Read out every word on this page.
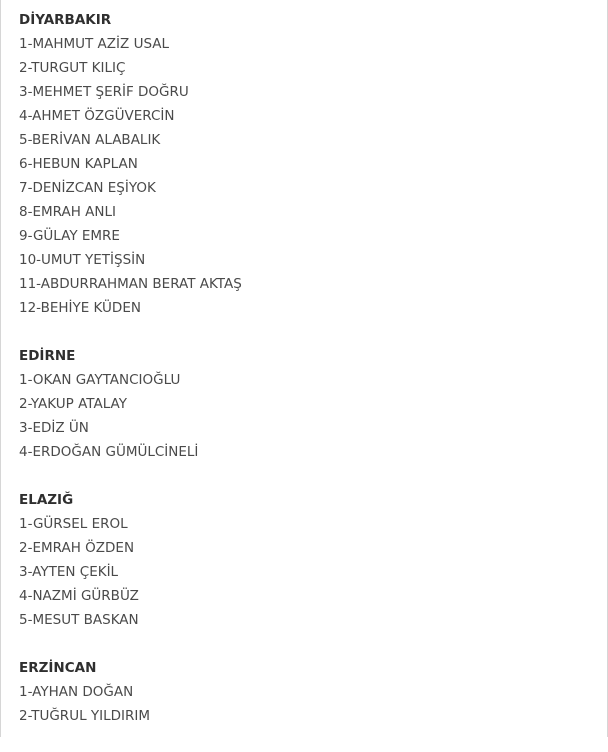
DİYARBAKIR

1-MAHMUT AZİZ USAL

2-TURGUT KILIÇ

3-MEHMET ŞERİF DOĞRU

4-AHMET ÖZGÜVERCİN

5-BERİVAN ALABALIK

6-HEBUN KAPLAN

7-DENİZCAN EŞİYOK

8-EMRAH ANLI

9-GÜLAY EMRE

10-UMUT YETİŞSİN

11-ABDURRAHMAN BERAT AKTAŞ

12-BEHİYE KÜDEN

EDİRNE

1-OKAN GAYTANCIOĞLU

2-YAKUP ATALAY

3-EDİZ ÜN

4-ERDOĞAN GÜMÜLCİNELİ

ELAZIĞ

1-GÜRSEL EROL

2-EMRAH ÖZDEN

3-AYTEN ÇEKİL

4-NAZMİ GÜRBÜZ

5-MESUT BASKAN

ERZİNCAN

1-AYHAN DOĞAN

2-TUĞRUL YILDIRIM
